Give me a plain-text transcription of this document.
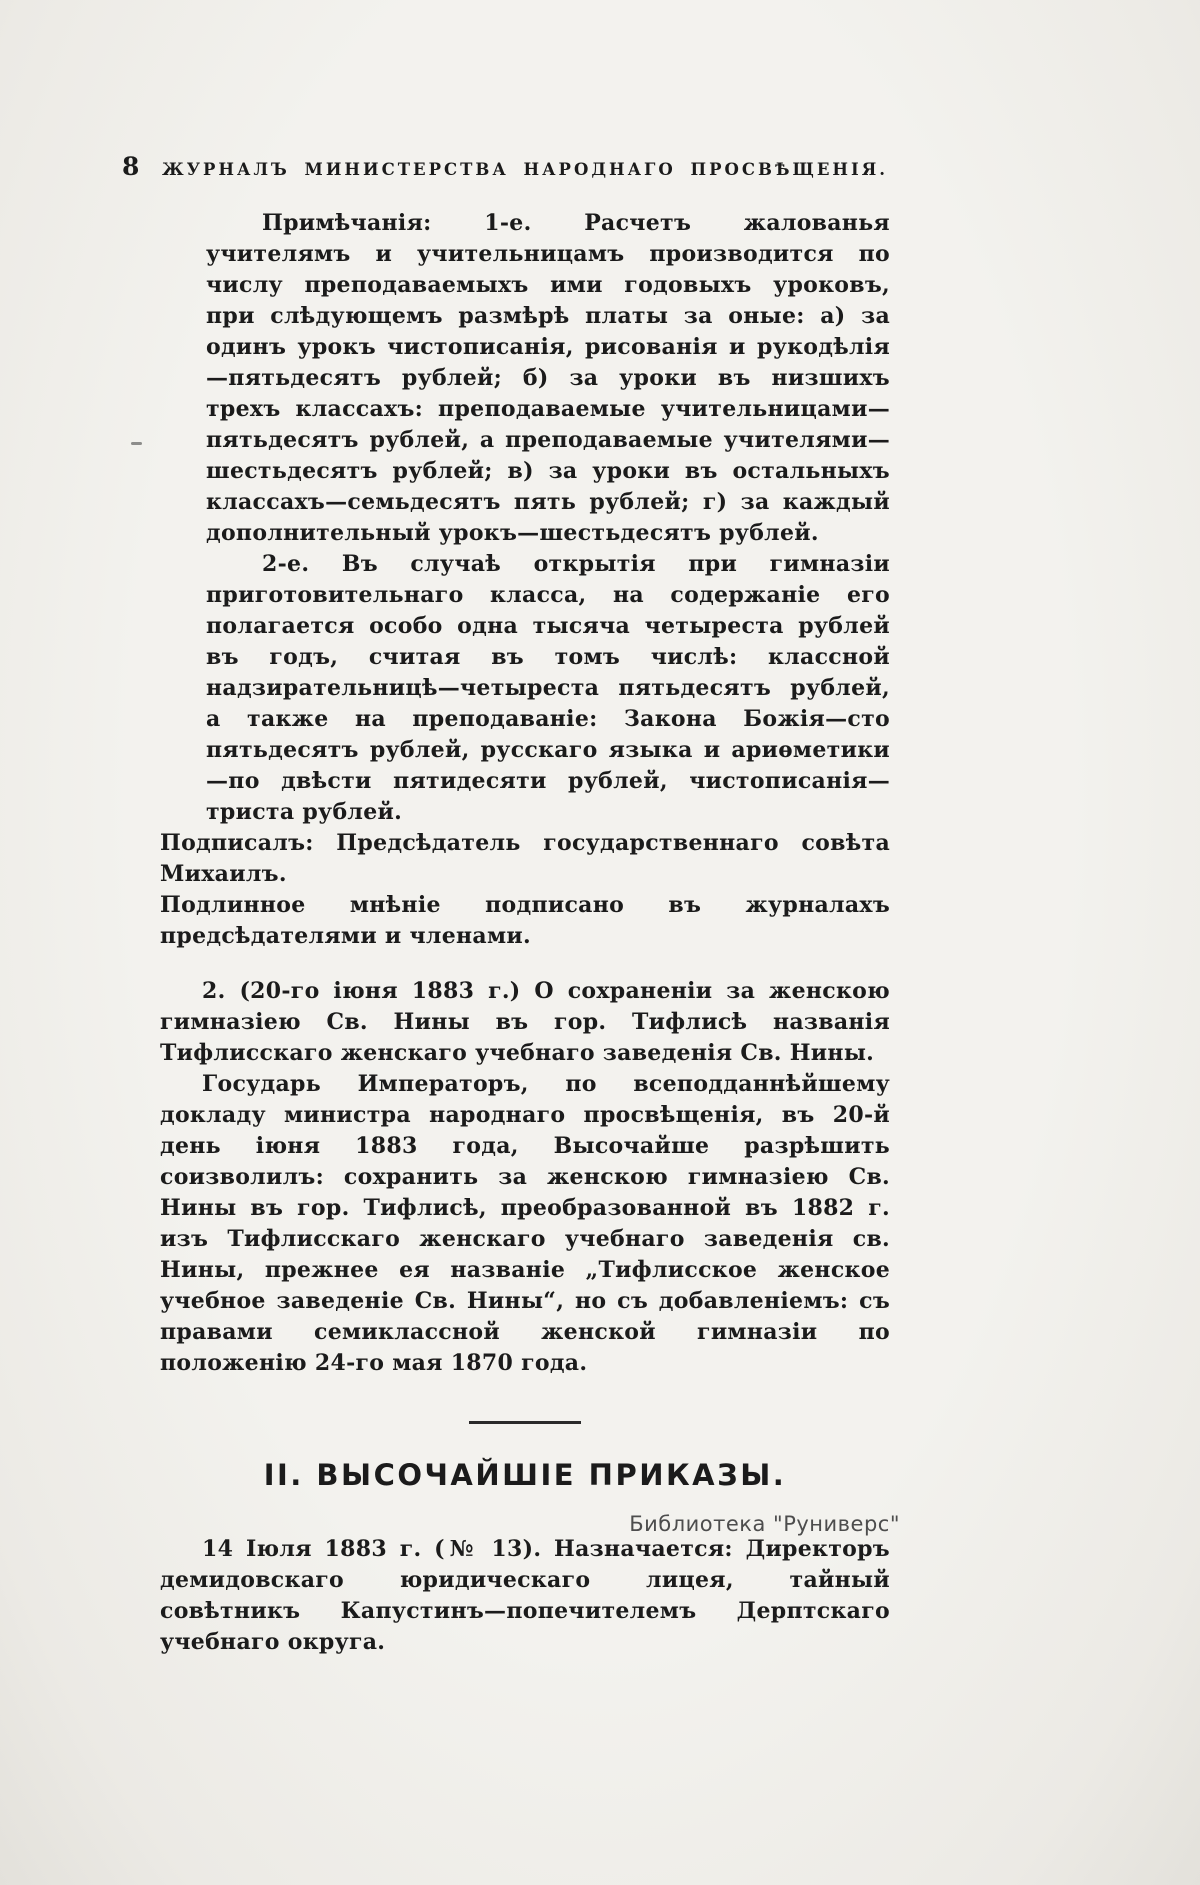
8 ЖУРНАЛЪ МИНИСТЕРСТВА НАРОДНАГО ПРОСВѢЩЕНІЯ.

Примѣчанія: 1-е. Расчетъ жалованья учителямъ и учительницамъ производится по числу преподаваемыхъ ими годовыхъ уроковъ, при слѣдующемъ размѣрѣ платы за оные: а) за одинъ урокъ чистописанія, рисованія и рукодѣлія—пятьдесятъ рублей; б) за уроки въ низшихъ трехъ классахъ: преподаваемые учительницами—пятьдесятъ рублей, а преподаваемые учителями—шестьдесятъ рублей; в) за уроки въ остальныхъ классахъ—семьдесятъ пять рублей; г) за каждый дополнительный урокъ—шестьдесятъ рублей.

2-е. Въ случаѣ открытія при гимназіи приготовительнаго класса, на содержаніе его полагается особо одна тысяча четыреста рублей въ годъ, считая въ томъ числѣ: классной надзирательницѣ—четыреста пятьдесятъ рублей, а также на преподаваніе: Закона Божія—сто пятьдесятъ рублей, русскаго языка и ариѳметики—по двѣсти пятидесяти рублей, чистописанія—триста рублей.

Подписалъ: Предсѣдатель государственнаго совѣта Михаилъ.

Подлинное мнѣніе подписано въ журналахъ предсѣдателями и членами.

2. (20-го іюня 1883 г.) О сохраненіи за женскою гимназіею Св. Нины въ гор. Тифлисѣ названія Тифлисскаго женскаго учебнаго заведенія Св. Нины.

Государь Императоръ, по всеподданнѣйшему докладу министра народнаго просвѣщенія, въ 20-й день іюня 1883 года, Высочайше разрѣшить соизволилъ: сохранить за женскою гимназіею Св. Нины въ гор. Тифлисѣ, преобразованной въ 1882 г. изъ Тифлисскаго женскаго учебнаго заведенія св. Нины, прежнее ея названіе „Тифлисское женское учебное заведеніе Св. Нины“, но съ добавленіемъ: съ правами семиклассной женской гимназіи по положенію 24-го мая 1870 года.

II. ВЫСОЧАЙШІЕ ПРИКАЗЫ.

14 Іюля 1883 г. (№ 13). Назначается: Директоръ демидовскаго юридическаго лицея, тайный совѣтникъ Капустинъ—попечителемъ Дерптскаго учебнаго округа.

Библиотека "Руниверс"
